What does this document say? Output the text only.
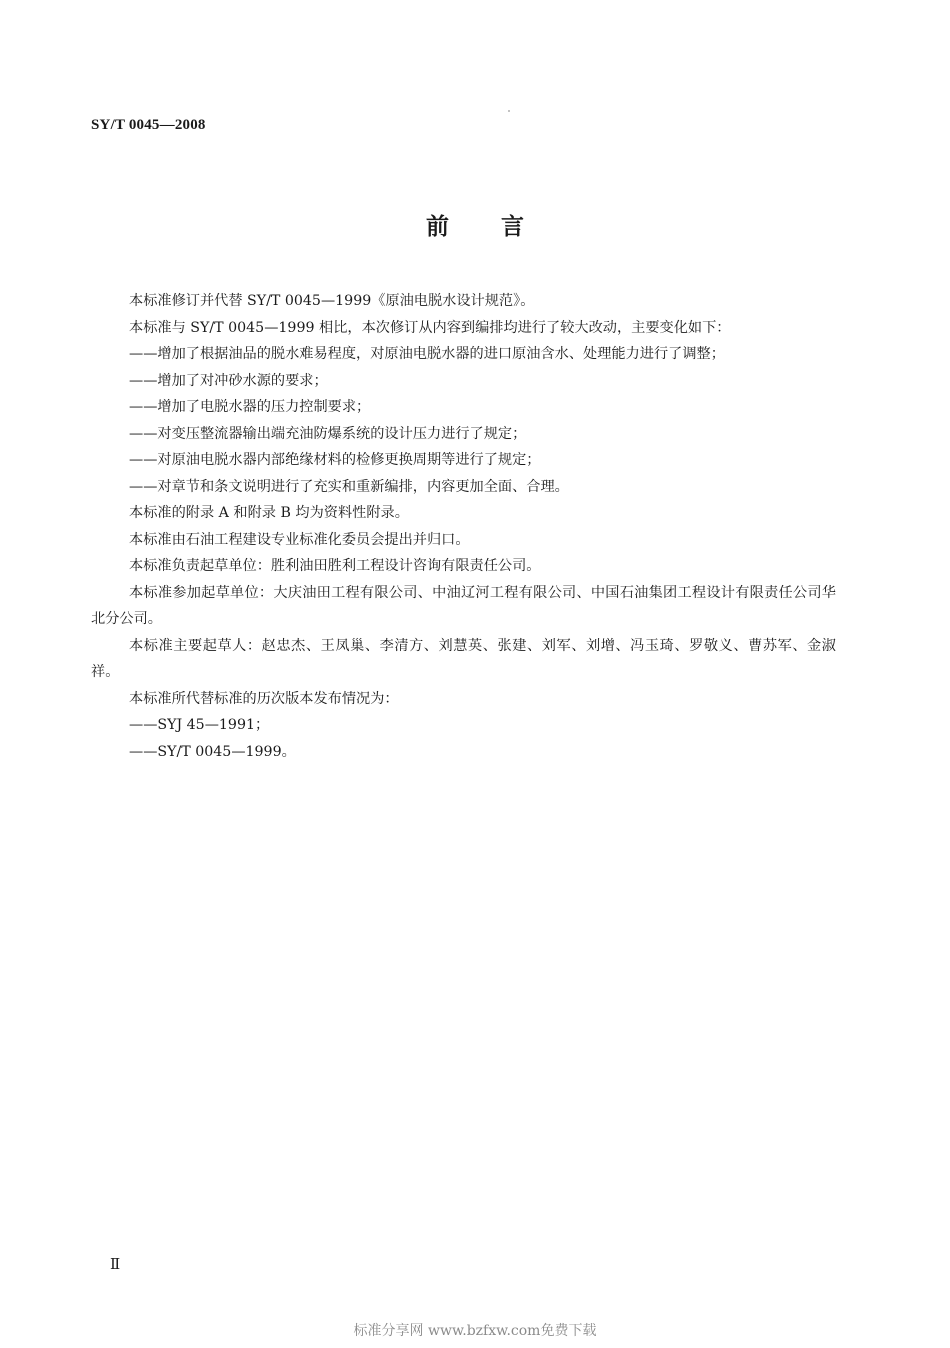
SY/T 0045—2008
前 言

本标准修订并代替 SY/T 0045—1999《原油电脱水设计规范》。

本标准与 SY/T 0045—1999 相比，本次修订从内容到编排均进行了较大改动，主要变化如下：

——增加了根据油品的脱水难易程度，对原油电脱水器的进口原油含水、处理能力进行了调整；

——增加了对冲砂水源的要求；

——增加了电脱水器的压力控制要求；

——对变压整流器输出端充油防爆系统的设计压力进行了规定；

——对原油电脱水器内部绝缘材料的检修更换周期等进行了规定；

——对章节和条文说明进行了充实和重新编排，内容更加全面、合理。

本标准的附录 A 和附录 B 均为资料性附录。

本标准由石油工程建设专业标准化委员会提出并归口。

本标准负责起草单位：胜利油田胜利工程设计咨询有限责任公司。

本标准参加起草单位：大庆油田工程有限公司、中油辽河工程有限公司、中国石油集团工程设计有限责任公司华北分公司。

本标准主要起草人：赵忠杰、王凤巢、李清方、刘慧英、张建、刘军、刘增、冯玉琦、罗敬义、曹苏军、金淑祥。

本标准所代替标准的历次版本发布情况为：

——SYJ 45—1991；

——SY/T 0045—1999。

Ⅱ
标准分享网 www.bzfxw.com免费下载
